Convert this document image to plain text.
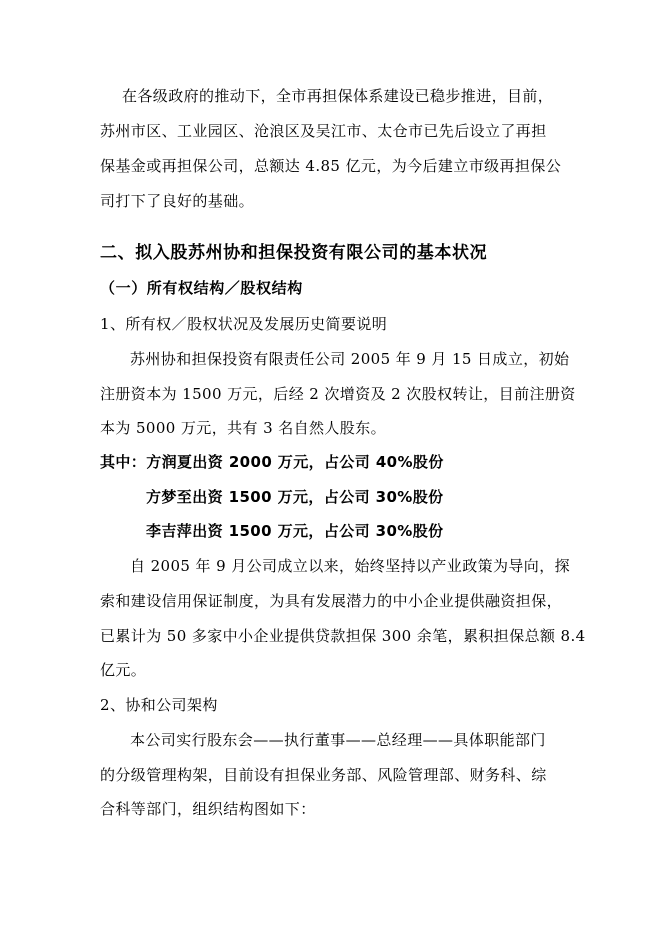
在各级政府的推动下，全市再担保体系建设已稳步推进，目前，
苏州市区、工业园区、沧浪区及吴江市、太仓市已先后设立了再担
保基金或再担保公司，总额达 4.85 亿元，为今后建立市级再担保公
司打下了良好的基础。
二、拟入股苏州协和担保投资有限公司的基本状况
（一）所有权结构／股权结构
1、所有权／股权状况及发展历史简要说明
苏州协和担保投资有限责任公司 2005 年 9 月 15 日成立，初始
注册资本为 1500 万元，后经 2 次增资及 2 次股权转让，目前注册资
本为 5000 万元，共有 3 名自然人股东。
其中：方润夏出资 2000 万元，占公司 40%股份
方梦至出资 1500 万元，占公司 30%股份
李吉萍出资 1500 万元，占公司 30%股份
自 2005 年 9 月公司成立以来，始终坚持以产业政策为导向，探
索和建设信用保证制度，为具有发展潜力的中小企业提供融资担保，
已累计为 50 多家中小企业提供贷款担保 300 余笔，累积担保总额 8.4
亿元。
2、协和公司架构
本公司实行股东会——执行董事——总经理——具体职能部门
的分级管理构架，目前设有担保业务部、风险管理部、财务科、综
合科等部门，组织结构图如下：
